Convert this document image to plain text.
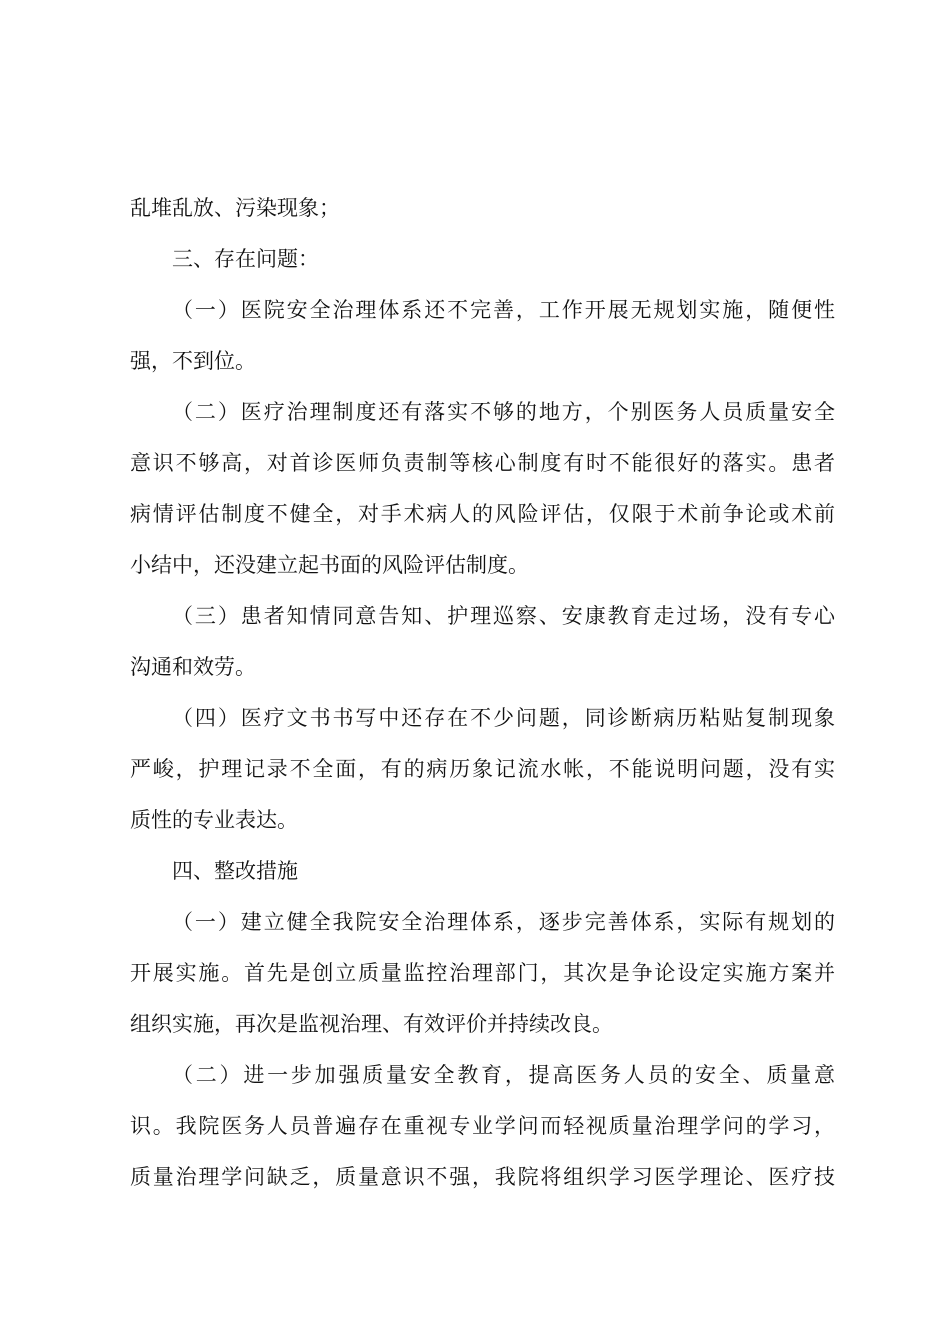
乱堆乱放、污染现象；
三、存在问题：
（一）医院安全治理体系还不完善，工作开展无规划实施，随便性
强，不到位。
（二）医疗治理制度还有落实不够的地方，个别医务人员质量安全
意识不够高，对首诊医师负责制等核心制度有时不能很好的落实。患者
病情评估制度不健全，对手术病人的风险评估，仅限于术前争论或术前
小结中，还没建立起书面的风险评估制度。
（三）患者知情同意告知、护理巡察、安康教育走过场，没有专心
沟通和效劳。
（四）医疗文书书写中还存在不少问题，同诊断病历粘贴复制现象
严峻，护理记录不全面，有的病历象记流水帐，不能说明问题，没有实
质性的专业表达。
四、整改措施
（一）建立健全我院安全治理体系，逐步完善体系，实际有规划的
开展实施。首先是创立质量监控治理部门，其次是争论设定实施方案并
组织实施，再次是监视治理、有效评价并持续改良。
（二）进一步加强质量安全教育，提高医务人员的安全、质量意
识。我院医务人员普遍存在重视专业学问而轻视质量治理学问的学习，
质量治理学问缺乏，质量意识不强，我院将组织学习医学理论、医疗技
